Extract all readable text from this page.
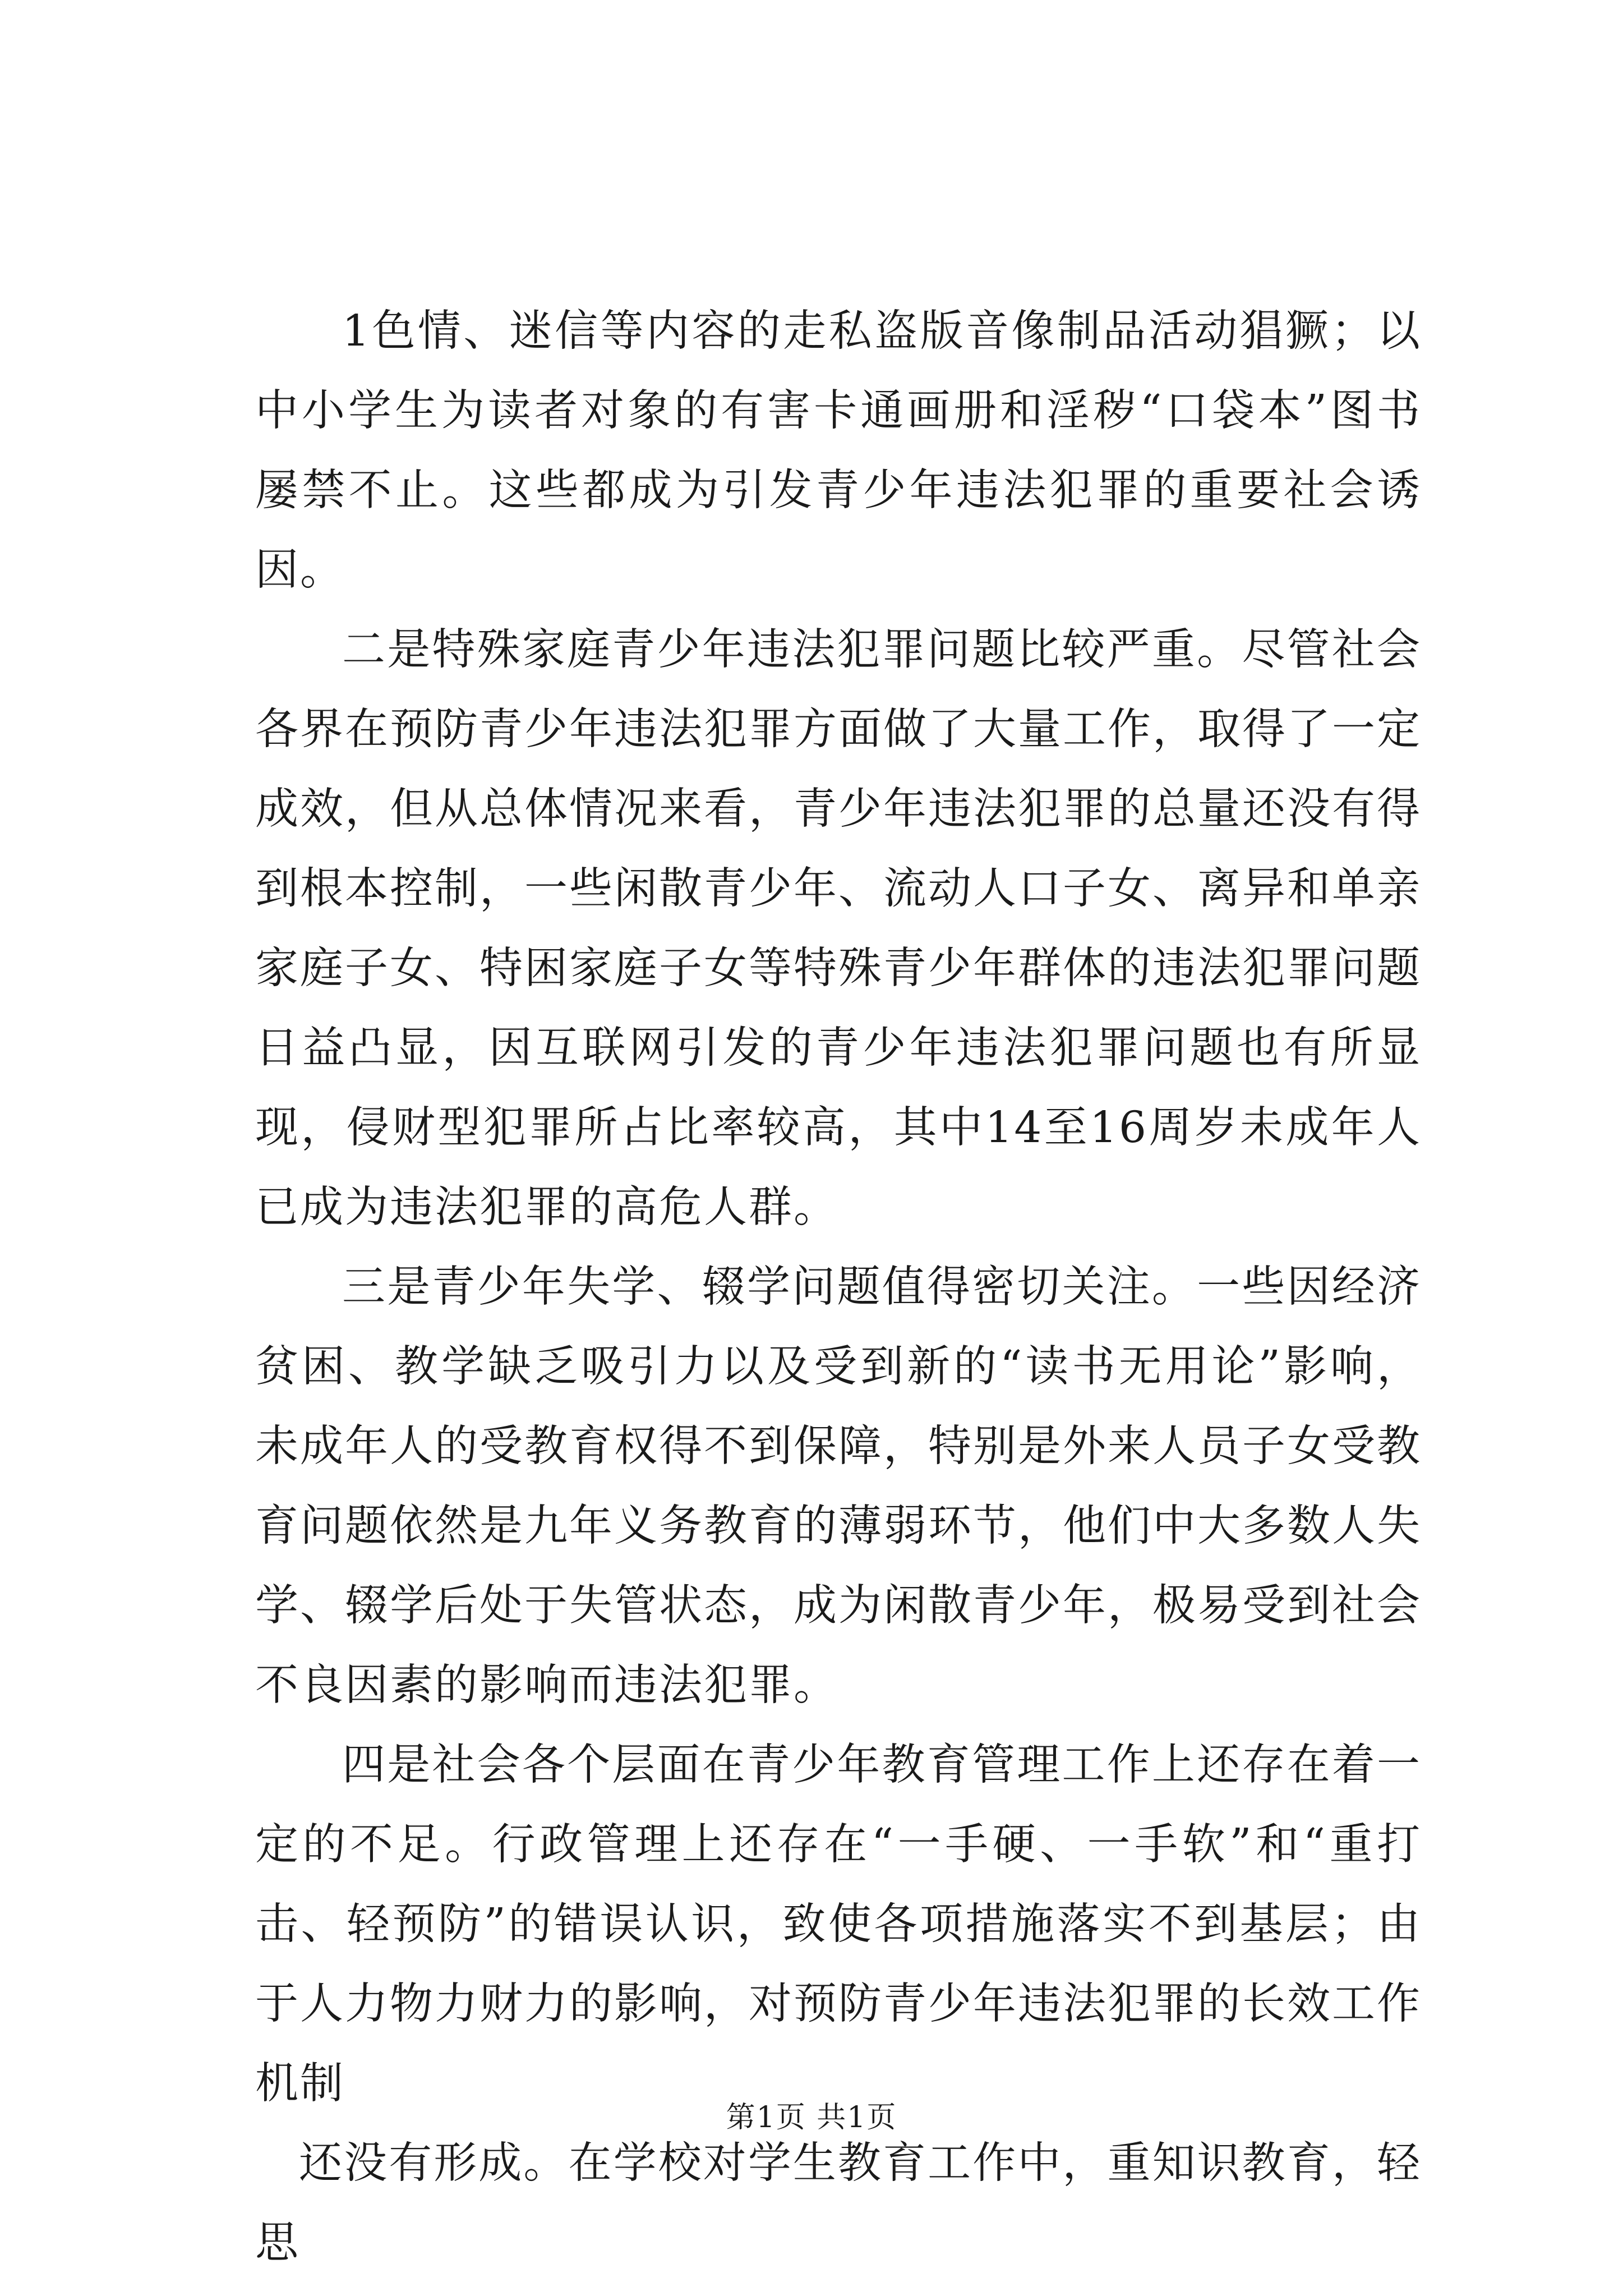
1色情、迷信等内容的走私盗版音像制品活动猖獗；以中小学生为读者对象的有害卡通画册和淫秽“口袋本”图书屡禁不止。这些都成为引发青少年违法犯罪的重要社会诱因。

二是特殊家庭青少年违法犯罪问题比较严重。尽管社会各界在预防青少年违法犯罪方面做了大量工作，取得了一定成效，但从总体情况来看，青少年违法犯罪的总量还没有得到根本控制，一些闲散青少年、流动人口子女、离异和单亲家庭子女、特困家庭子女等特殊青少年群体的违法犯罪问题日益凸显，因互联网引发的青少年违法犯罪问题也有所显现，侵财型犯罪所占比率较高，其中14至16周岁未成年人已成为违法犯罪的高危人群。

三是青少年失学、辍学问题值得密切关注。一些因经济贫困、教学缺乏吸引力以及受到新的“读书无用论”影响，未成年人的受教育权得不到保障，特别是外来人员子女受教育问题依然是九年义务教育的薄弱环节，他们中大多数人失学、辍学后处于失管状态，成为闲散青少年，极易受到社会不良因素的影响而违法犯罪。

四是社会各个层面在青少年教育管理工作上还存在着一定的不足。行政管理上还存在“一手硬、一手软”和“重打击、轻预防”的错误认识，致使各项措施落实不到基层；由于人力物力财力的影响，对预防青少年违法犯罪的长效工作机制

还没有形成。在学校对学生教育工作中，重知识教育，轻思

第1页 共1页
